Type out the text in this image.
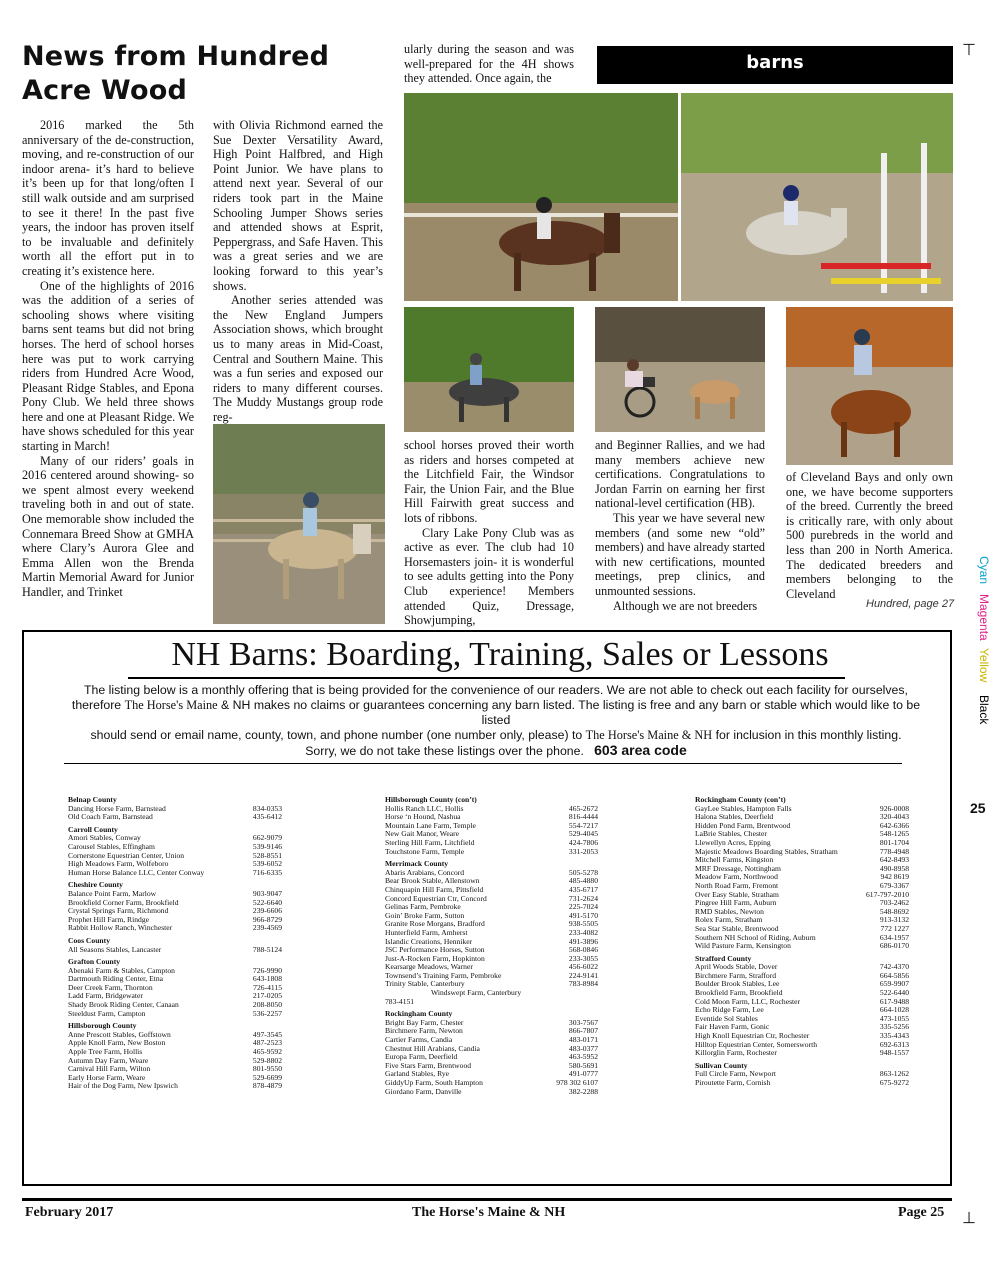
News from Hundred Acre Wood

2016 marked the 5th anniversary of the de-construction, moving, and re-construction of our indoor arena- it’s hard to believe it’s been up for that long/often I still walk outside and am surprised to see it there! In the past five years, the indoor has proven itself to be invaluable and definitely worth all the effort put in to creating it’s existence here.

One of the highlights of 2016 was the addition of a series of schooling shows where visiting barns sent teams but did not bring horses. The herd of school horses here was put to work carrying riders from Hundred Acre Wood, Pleasant Ridge Stables, and Epona Pony Club. We held three shows here and one at Pleasant Ridge. We have shows scheduled for this year starting in March!

Many of our riders’ goals in 2016 centered around showing- so we spent almost every weekend traveling both in and out of state. One memorable show included the Connemara Breed Show at GMHA where Clary’s Aurora Glee and Emma Allen won the Brenda Martin Memorial Award for Junior Handler, and Trinket

with Olivia Richmond earned the Sue Dexter Versatility Award, High Point Halfbred, and High Point Junior. We have plans to attend next year. Several of our riders took part in the Maine Schooling Jumper Shows series and attended shows at Esprit, Peppergrass, and Safe Haven. This was a great series and we are looking forward to this year’s shows.

Another series attended was the New England Jumpers Association shows, which brought us to many areas in Mid-Coast, Central and Southern Maine. This was a fun series and exposed our riders to many different courses. The Muddy Mustangs group rode reg-

ularly during the season and was well-prepared for the 4H shows they attended. Once again, the

barns

school horses proved their worth as riders and horses competed at the Litchfield Fair, the Windsor Fair, the Union Fair, and the Blue Hill Fairwith great success and lots of ribbons.

Clary Lake Pony Club was as active as ever. The club had 10 Horsemasters join- it is wonderful to see adults getting into the Pony Club experience! Members attended Quiz, Dressage, Showjumping,

and Beginner Rallies, and we had many members achieve new certifications. Congratulations to Jordan Farrin on earning her first national-level certification (HB).

This year we have several new members (and some new “old” members) and have already started with new certifications, mounted meetings, prep clinics, and unmounted sessions.

Although we are not breeders

of Cleveland Bays and only own one, we have become supporters of the breed. Currently the breed is critically rare, with only about 500 purebreds in the world and less than 200 in North America. The dedicated breeders and members belonging to the Cleveland

Hundred, page 27
NH Barns: Boarding, Training, Sales or Lessons
The listing below is a monthly offering that is being provided for the convenience of our readers. We are not able to check out each facility for ourselves,
therefore The Horse's Maine & NH makes no claims or guarantees concerning any barn listed. The listing is free and any barn or stable which would like to be listed
should send or email name, county, town, and phone number (one number only, please) to The Horse's Maine & NH for inclusion in this monthly listing.
Sorry, we do not take these listings over the phone. 603 area code
Belnap County
Dancing Horse Farm, Barnstead	834-0353
Old Coach Farm, Barnstead	435-6412
Carroll County
Amori Stables, Conway	662-9079
Carousel Stables, Effingham	539-9146
Cornerstone Equestrian Center, Union	528-8551
High Meadows Farm, Wolfeboro	539-6052
Human Horse Balance LLC, Center Conway	716-6335
Cheshire County
Balance Point Farm, Marlow	903-9047
Brookfield Corner Farm, Brookfield	522-6640
Crystal Springs Farm, Richmond	239-6606
Prophet Hill Farm, Rindge	966-8729
Rabbit Hollow Ranch, Winchester	239-4569
Coos County
All Seasons Stables, Lancaster	788-5124
Grafton County
Abenaki Farm & Stables, Campton	726-9990
Dartmouth Riding Center, Etna	643-1808
Deer Creek Farm, Thornton	726-4115
Ladd Farm, Bridgewater	217-0205
Shady Brook Riding Center, Canaan	208-8050
Steeldust Farm, Campton	536-2257
Hillsborough County
Anne Prescott Stables, Goffstown	497-3545
Apple Knoll Farm, New Boston	487-2523
Apple Tree Farm, Hollis	465-9592
Autumn Day Farm, Weare	529-8802
Carnival Hill Farm, Wilton	801-9550
Early Horse Farm, Weare	529-6699
Hair of the Dog Farm, New Ipswich	878-4879
Hillsborough County (con’t)
Hollis Ranch LLC, Hollis	465-2672
Horse ‘n Hound, Nashua	816-4444
Mountain Lane Farm, Temple	554-7217
New Gait Manor, Weare	529-4045
Sterling Hill Farm, Litchfield	424-7806
Touchstone Farm, Temple	331-2053
Merrimack County
Abaris Arabians, Concord	505-5278
Bear Brook Stable, Allenstown	485-4880
Chinquapin Hill Farm, Pittsfield	435-6717
Concord Equestrian Ctr, Concord	731-2624
Gelinas Farm, Pembroke	225-7024
Goin’ Broke Farm, Sutton	491-5170
Granite Rose Morgans, Bradford	938-5505
Hunterfield Farm, Amherst	233-4082
Islandic Creations, Henniker	491-3896
JSC Performance Horses, Sutton	568-0846
Just-A-Rocken Farm, Hopkinton	233-3055
Kearsarge Meadows, Warner	456-6022
Townsend’s Training Farm, Pembroke	224-9141
Trinity Stable, Canterbury	783-8984
Windswept Farm, Canterbury
783-4151
Rockingham County
Bright Bay Farm, Chester	303-7567
Birchmere Farm, Newton	866-7807
Cartier Farms, Candia	483-0171
Chestnut Hill Arabians, Candia	483-0377
Europa Farm, Deerfield	463-5952
Five Stars Farm, Brentwood	580-5691
Garland Stables, Rye	491-0777
GiddyUp Farm, South Hampton	978 302 6107
Giordano Farm, Danville	382-2288
Rockingham County (con’t)
GayLee Stables, Hampton Falls	926-0008
Halona Stables, Deerfield	320-4043
Hidden Pond Farm, Brentwood	642-6366
LaBrie Stables, Chester	548-1265
Llewellyn Acres, Epping	801-1704
Majestic Meadows Boarding Stables, Stratham	778-4948
Mitchell Farms, Kingston	642-8493
MRF Dressage, Nottingham	490-8958
Meadow Farm, Northwood	942 8619
North Road Farm, Fremont	679-3367
Over Easy Stable, Stratham	617-797-2010
Pingree Hill Farm, Auburn	703-2462
RMD Stables, Newton	548-8692
Rolex Farm, Stratham	913-3132
Sea Star Stable, Brentwood	772 1227
Southern NH School of Riding, Auburn	634-1957
Wild Pasture Farm, Kensington	686-0170
Strafford County
April Woods Stable, Dover	742-4370
Birchmere Farm, Strafford	664-5856
Boulder Brook Stables, Lee	659-9907
Brookfield Farm, Brookfield	522-6440
Cold Moon Farm, LLC, Rochester	617-9488
Echo Ridge Farm, Lee	664-1028
Eventide Sol Stables	473-1055
Fair Haven Farm, Gonic	335-5256
High Knoll Equestrian Ctr, Rochester	335-4343
Hilltop Equestrian Center, Somersworth	692-6313
Killorglin Farm, Rochester	948-1557
Sullivan County
Full Circle Farm, Newport	863-1262
Piroutette Farm, Cornish	675-9272
February 2017	The Horse's Maine & NH	Page 25
Cyan
Magenta
Yellow
Black
25
⊤
⊤
